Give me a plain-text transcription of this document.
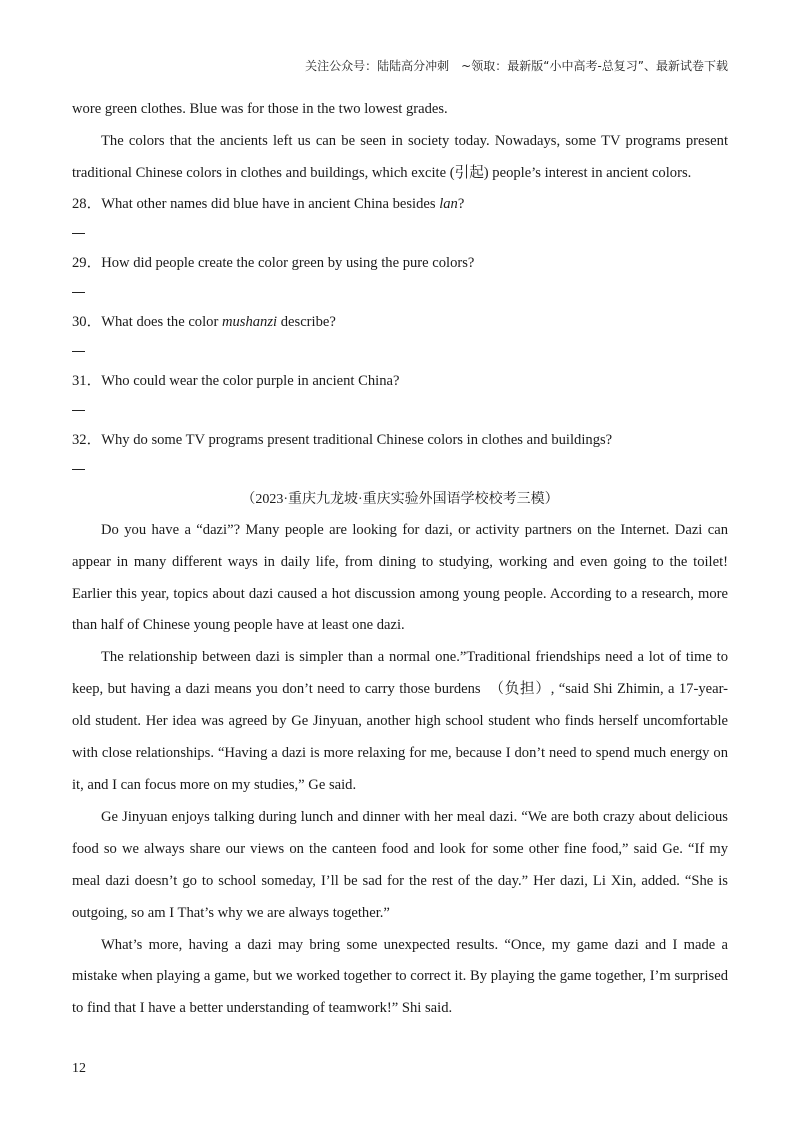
关注公众号：陆陆高分冲刺　~领取：最新版“小中高考-总复习”、最新试卷下载

wore green clothes. Blue was for those in the two lowest grades.

The colors that the ancients left us can be seen in society today. Nowadays, some TV programs present traditional Chinese colors in clothes and buildings, which excite (引起) people’s interest in ancient colors.

28．What other names did blue have in ancient China besides lan?

29．How did people create the color green by using the pure colors?

30．What does the color mushanzi describe?

31．Who could wear the color purple in ancient China?

32．Why do some TV programs present traditional Chinese colors in clothes and buildings?

（2023·重庆九龙坡·重庆实验外国语学校校考三模）

Do you have a “dazi”? Many people are looking for dazi, or activity partners on the Internet. Dazi can appear in many different ways in daily life, from dining to studying, working and even going to the toilet! Earlier this year, topics about dazi caused a hot discussion among young people. According to a research, more than half of Chinese young people have at least one dazi.

The relationship between dazi is simpler than a normal one.”Traditional friendships need a lot of time to keep, but having a dazi means you don’t need to carry those burdens　（负担）, “said Shi Zhimin, a 17-year-old student. Her idea was agreed by Ge Jinyuan, another high school student who finds herself uncomfortable with close relationships. “Having a dazi is more relaxing for me, because I don’t need to spend much energy on it, and I can focus more on my studies,” Ge said.

Ge Jinyuan enjoys talking during lunch and dinner with her meal dazi. “We are both crazy about delicious food so we always share our views on the canteen food and look for some other fine food,” said Ge. “If my meal dazi doesn’t go to school someday, I’ll be sad for the rest of the day.” Her dazi, Li Xin, added. “She is outgoing, so am I That’s why we are always together.”

What’s more, having a dazi may bring some unexpected results. “Once, my game dazi and I made a mistake when playing a game, but we worked together to correct it. By playing the game together, I’m surprised to find that I have a better understanding of teamwork!” Shi said.

12
